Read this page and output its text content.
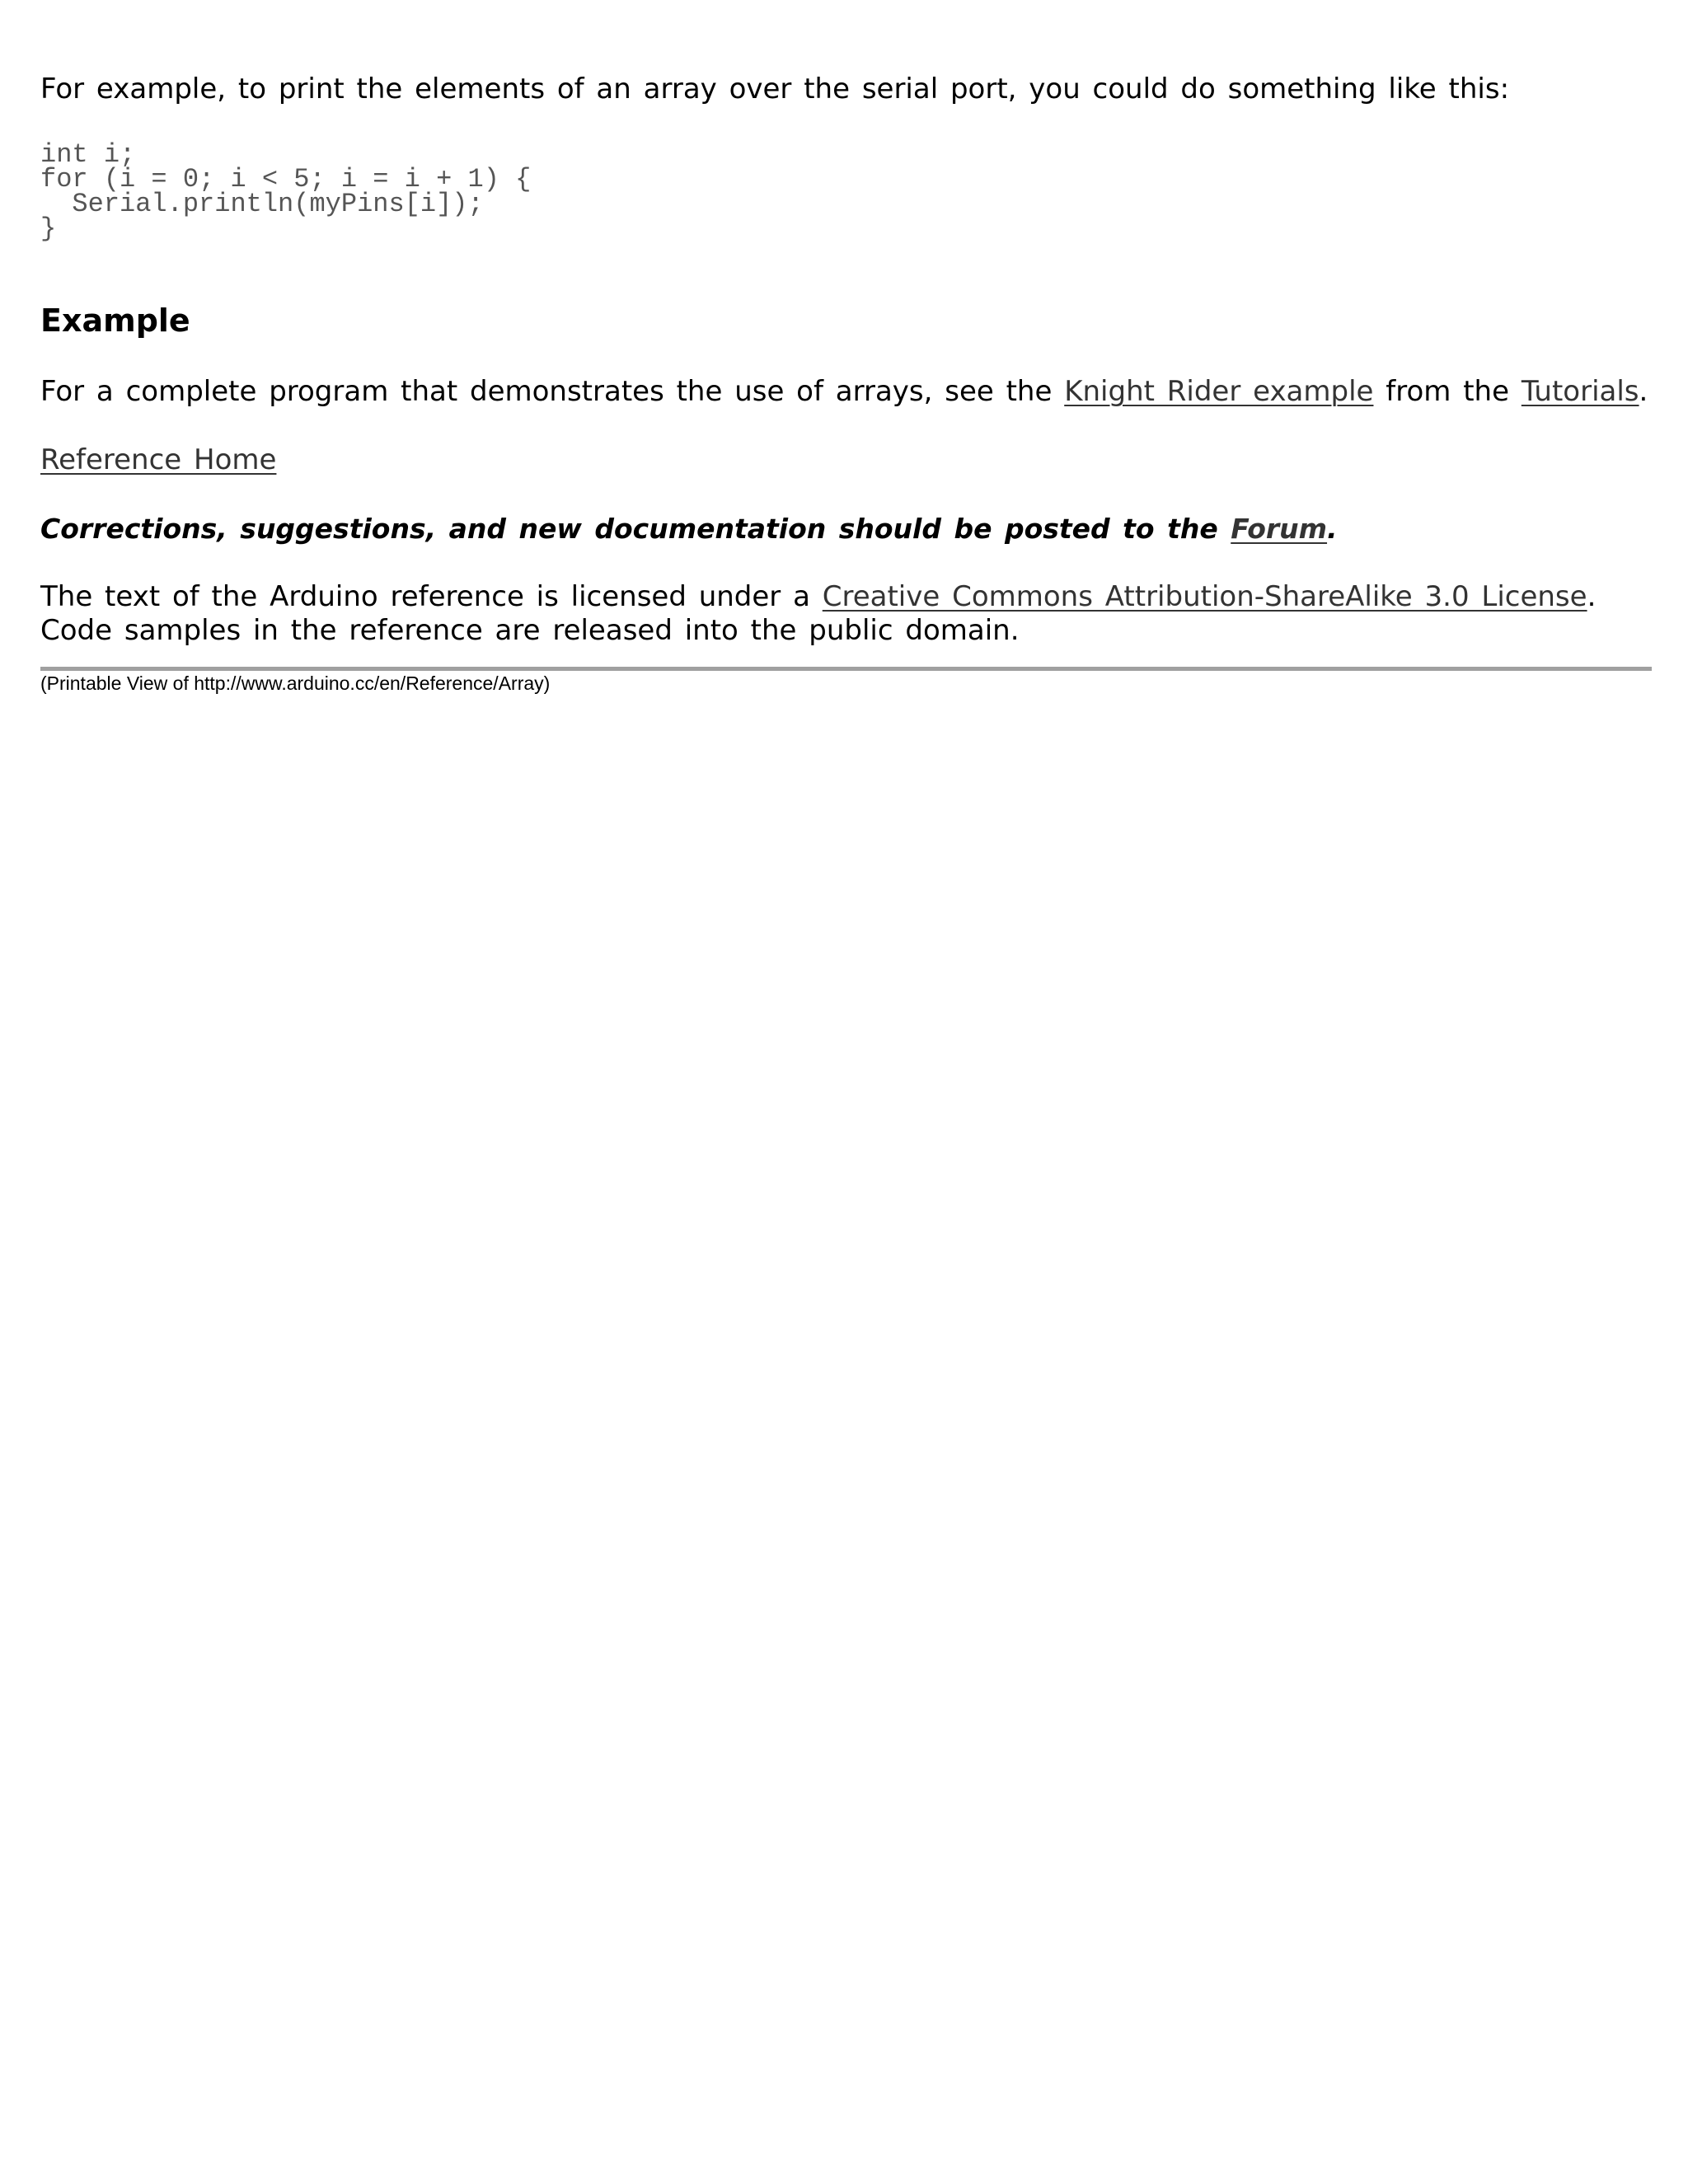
For example, to print the elements of an array over the serial port, you could do something like this:

int i;
for (i = 0; i < 5; i = i + 1) {
Serial.println(myPins[i]);
}
Example

For a complete program that demonstrates the use of arrays, see the Knight Rider example from the Tutorials.

Reference Home

Corrections, suggestions, and new documentation should be posted to the Forum.

The text of the Arduino reference is licensed under a Creative Commons Attribution-ShareAlike 3.0 License. Code samples in the reference are released into the public domain.

(Printable View of http://www.arduino.cc/en/Reference/Array)
